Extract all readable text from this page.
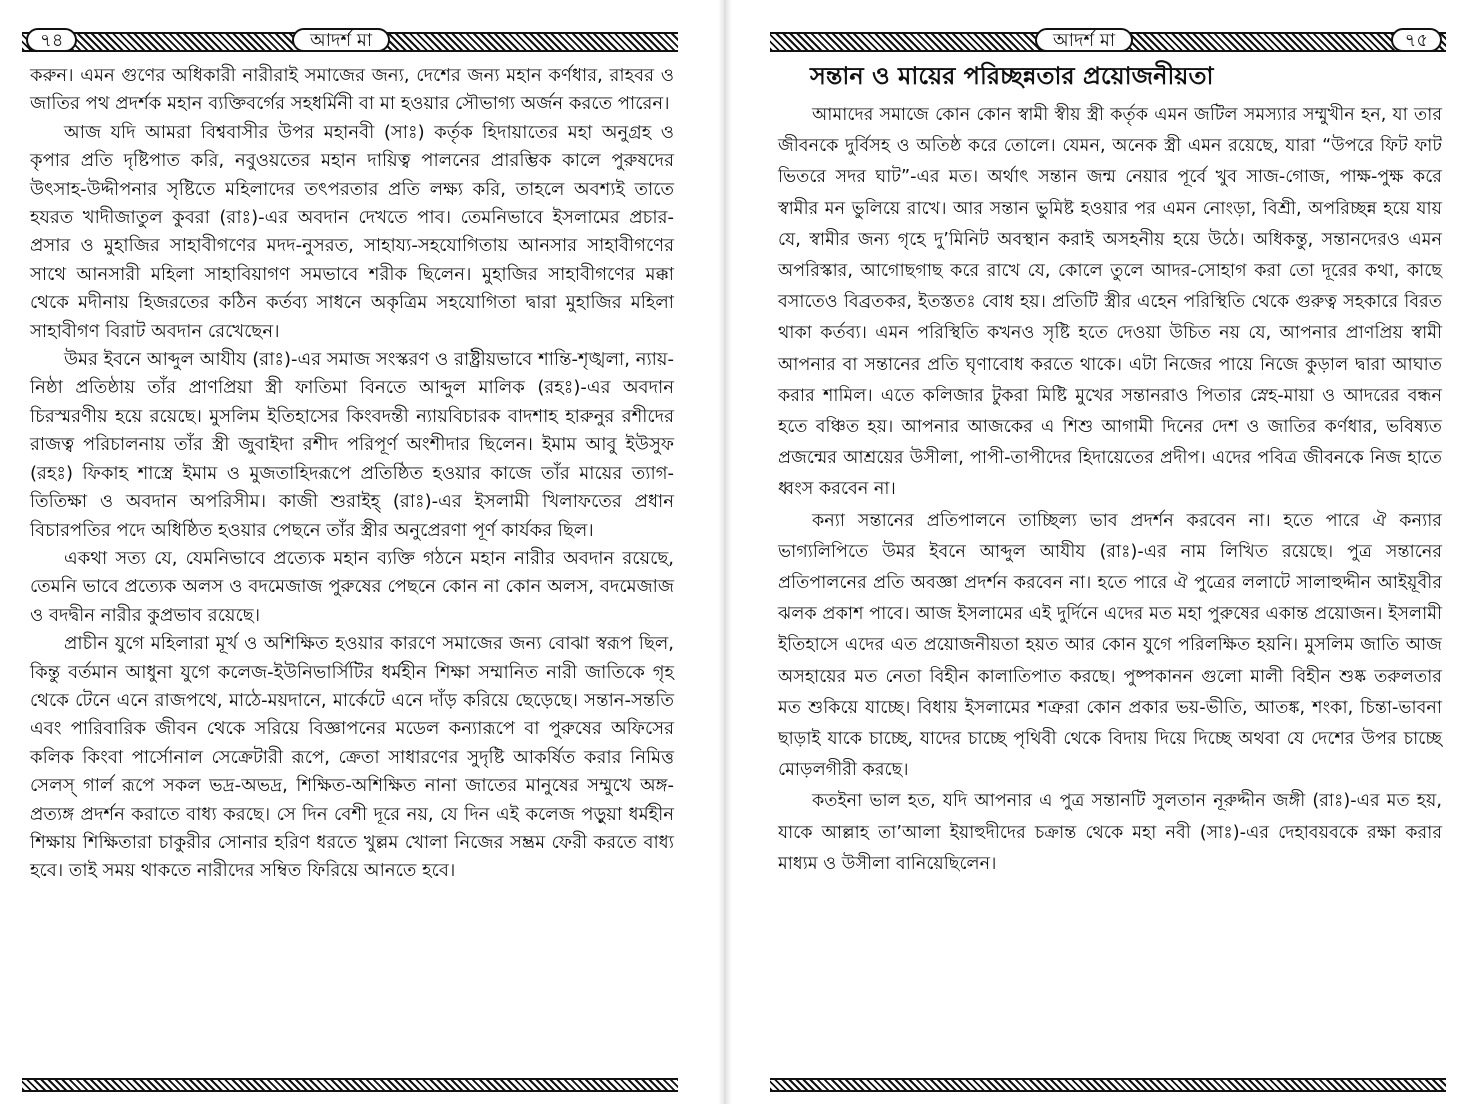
৭৪	আদর্শ মা

করুন। এমন গুণের অধিকারী নারীরাই সমাজের জন্য, দেশের জন্য মহান কর্ণধার, রাহবর ও জাতির পথ প্রদর্শক মহান ব্যক্তিবর্গের সহধর্মিনী বা মা হওয়ার সৌভাগ্য অর্জন করতে পারেন।

আজ যদি আমরা বিশ্ববাসীর উপর মহানবী (সাঃ) কর্তৃক হিদায়াতের মহা অনুগ্রহ ও কৃপার প্রতি দৃষ্টিপাত করি, নবুওয়তের মহান দায়িত্ব পালনের প্রারম্ভিক কালে পুরুষদের উৎসাহ-উদ্দীপনার সৃষ্টিতে মহিলাদের তৎপরতার প্রতি লক্ষ্য করি, তাহলে অবশ্যই তাতে হযরত খাদীজাতুল কুবরা (রাঃ)-এর অবদান দেখতে পাব। তেমনিভাবে ইসলামের প্রচার-প্রসার ও মুহাজির সাহাবীগণের মদদ-নুসরত, সাহায্য-সহযোগিতায় আনসার সাহাবীগণের সাথে আনসারী মহিলা সাহাবিয়াগণ সমভাবে শরীক ছিলেন। মুহাজির সাহাবীগণের মক্কা থেকে মদীনায় হিজরতের কঠিন কর্তব্য সাধনে অকৃত্রিম সহযোগিতা দ্বারা মুহাজির মহিলা সাহাবীগণ বিরাট অবদান রেখেছেন।

উমর ইবনে আব্দুল আযীয (রাঃ)-এর সমাজ সংস্করণ ও রাষ্ট্রীয়ভাবে শান্তি-শৃঙ্খলা, ন্যায়-নিষ্ঠা প্রতিষ্ঠায় তাঁর প্রাণপ্রিয়া স্ত্রী ফাতিমা বিনতে আব্দুল মালিক (রহঃ)-এর অবদান চিরস্মরণীয় হয়ে রয়েছে। মুসলিম ইতিহাসের কিংবদন্তী ন্যায়বিচারক বাদশাহ হারুনুর রশীদের রাজত্ব পরিচালনায় তাঁর স্ত্রী জুবাইদা রশীদ পরিপূর্ণ অংশীদার ছিলেন। ইমাম আবু ইউসুফ (রহঃ) ফিকাহ শাস্ত্রে ইমাম ও মুজতাহিদরূপে প্রতিষ্ঠিত হওয়ার কাজে তাঁর মায়ের ত্যাগ-তিতিক্ষা ও অবদান অপরিসীম। কাজী শুরাইহ্ (রাঃ)-এর ইসলামী খিলাফতের প্রধান বিচারপতির পদে অধিষ্ঠিত হওয়ার পেছনে তাঁর স্ত্রীর অনুপ্রেরণা পূর্ণ কার্যকর ছিল।

একথা সত্য যে, যেমনিভাবে প্রত্যেক মহান ব্যক্তি গঠনে মহান নারীর অবদান রয়েছে, তেমনি ভাবে প্রত্যেক অলস ও বদমেজাজ পুরুষের পেছনে কোন না কোন অলস, বদমেজাজ ও বদদ্বীন নারীর কুপ্রভাব রয়েছে।

প্রাচীন যুগে মহিলারা মূর্খ ও অশিক্ষিত হওয়ার কারণে সমাজের জন্য বোঝা স্বরূপ ছিল, কিন্তু বর্তমান আধুনা যুগে কলেজ-ইউনিভার্সিটির ধর্মহীন শিক্ষা সম্মানিত নারী জাতিকে গৃহ থেকে টেনে এনে রাজপথে, মাঠে-ময়দানে, মার্কেটে এনে দাঁড় করিয়ে ছেড়েছে। সন্তান-সন্ততি এবং পারিবারিক জীবন থেকে সরিয়ে বিজ্ঞাপনের মডেল কন্যারূপে বা পুরুষের অফিসের কলিক কিংবা পার্সোনাল সেক্রেটারী রূপে, ক্রেতা সাধারণের সুদৃষ্টি আকর্ষিত করার নিমিত্ত সেলস্ গার্ল রূপে সকল ভদ্র-অভদ্র, শিক্ষিত-অশিক্ষিত নানা জাতের মানুষের সম্মুখে অঙ্গ-প্রত্যঙ্গ প্রদর্শন করাতে বাধ্য করছে। সে দিন বেশী দূরে নয়, যে দিন এই কলেজ পড়ুয়া ধর্মহীন শিক্ষায় শিক্ষিতারা চাকুরীর সোনার হরিণ ধরতে খুল্লম খোলা নিজের সম্ভ্রম ফেরী করতে বাধ্য হবে। তাই সময় থাকতে নারীদের সম্বিত ফিরিয়ে আনতে হবে।

আদর্শ মা	৭৫
সন্তান ও মায়ের পরিচ্ছন্নতার প্রয়োজনীয়তা

আমাদের সমাজে কোন কোন স্বামী স্বীয় স্ত্রী কর্তৃক এমন জটিল সমস্যার সম্মুখীন হন, যা তার জীবনকে দুর্বিসহ ও অতিষ্ঠ করে তোলে। যেমন, অনেক স্ত্রী এমন রয়েছে, যারা “উপরে ফিট ফাট ভিতরে সদর ঘাট”-এর মত। অর্থাৎ সন্তান জন্ম নেয়ার পূর্বে খুব সাজ-গোজ, পাক্ষ-পুক্ষ করে স্বামীর মন ভুলিয়ে রাখে। আর সন্তান ভুমিষ্ট হওয়ার পর এমন নোংড়া, বিশ্রী, অপরিচ্ছন্ন হয়ে যায় যে, স্বামীর জন্য গৃহে দু’মিনিট অবস্থান করাই অসহনীয় হয়ে উঠে। অধিকন্তু, সন্তানদেরও এমন অপরিস্কার, আগোছগাছ করে রাখে যে, কোলে তুলে আদর-সোহাগ করা তো দূরের কথা, কাছে বসাতেও বিব্রতকর, ইতস্ততঃ বোধ হয়। প্রতিটি স্ত্রীর এহেন পরিস্থিতি থেকে গুরুত্ব সহকারে বিরত থাকা কর্তব্য। এমন পরিস্থিতি কখনও সৃষ্টি হতে দেওয়া উচিত নয় যে, আপনার প্রাণপ্রিয় স্বামী আপনার বা সন্তানের প্রতি ঘৃণাবোধ করতে থাকে। এটা নিজের পায়ে নিজে কুড়াল দ্বারা আঘাত করার শামিল। এতে কলিজার টুকরা মিষ্টি মুখের সন্তানরাও পিতার স্নেহ-মায়া ও আদরের বন্ধন হতে বঞ্চিত হয়। আপনার আজকের এ শিশু আগামী দিনের দেশ ও জাতির কর্ণধার, ভবিষ্যত প্রজন্মের আশ্রয়ের উসীলা, পাপী-তাপীদের হিদায়েতের প্রদীপ। এদের পবিত্র জীবনকে নিজ হাতে ধ্বংস করবেন না।

কন্যা সন্তানের প্রতিপালনে তাচ্ছিল্য ভাব প্রদর্শন করবেন না। হতে পারে ঐ কন্যার ভাগ্যলিপিতে উমর ইবনে আব্দুল আযীয (রাঃ)-এর নাম লিখিত রয়েছে। পুত্র সন্তানের প্রতিপালনের প্রতি অবজ্ঞা প্রদর্শন করবেন না। হতে পারে ঐ পুত্রের ললাটে সালাহুদ্দীন আইয়ূবীর ঝলক প্রকাশ পাবে। আজ ইসলামের এই দুর্দিনে এদের মত মহা পুরুষের একান্ত প্রয়োজন। ইসলামী ইতিহাসে এদের এত প্রয়োজনীয়তা হয়ত আর কোন যুগে পরিলক্ষিত হয়নি। মুসলিম জাতি আজ অসহায়ের মত নেতা বিহীন কালাতিপাত করছে। পুষ্পকানন গুলো মালী বিহীন শুষ্ক তরুলতার মত শুকিয়ে যাচ্ছে। বিধায় ইসলামের শত্রুরা কোন প্রকার ভয়-ভীতি, আতঙ্ক, শংকা, চিন্তা-ভাবনা ছাড়াই যাকে চাচ্ছে, যাদের চাচ্ছে পৃথিবী থেকে বিদায় দিয়ে দিচ্ছে অথবা যে দেশের উপর চাচ্ছে মোড়লগীরী করছে।

কতইনা ভাল হত, যদি আপনার এ পুত্র সন্তানটি সুলতান নূরুদ্দীন জঙ্গী (রাঃ)-এর মত হয়, যাকে আল্লাহ তা’আলা ইয়াহুদীদের চক্রান্ত থেকে মহা নবী (সাঃ)-এর দেহাবয়বকে রক্ষা করার মাধ্যম ও উসীলা বানিয়েছিলেন।
